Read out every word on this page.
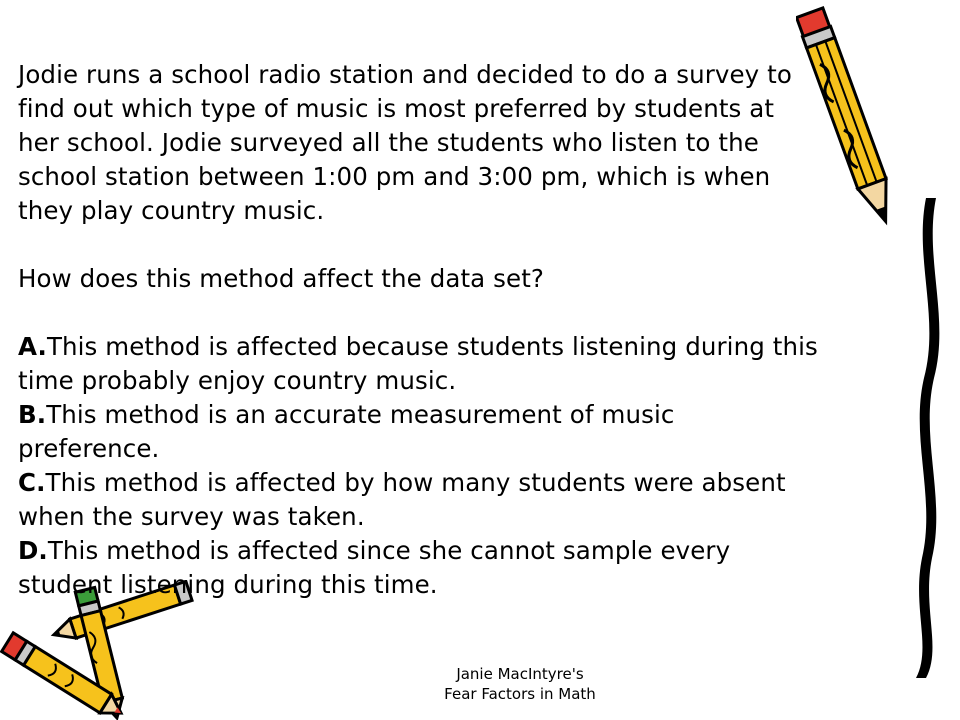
Jodie runs a school radio station and decided to do a survey to

find out which type of music is most preferred by students at

her school. Jodie surveyed all the students who listen to the

school station between 1:00 pm and 3:00 pm, which is when

they play country music.

How does this method affect the data set?

A.This method is affected because students listening during this

time probably enjoy country music.

B.This method is an accurate measurement of music

preference.

C.This method is affected by how many students were absent

when the survey was taken.

D.This method is affected since she cannot sample every

student listening during this time.

Janie MacIntyre's
Fear Factors in Math
